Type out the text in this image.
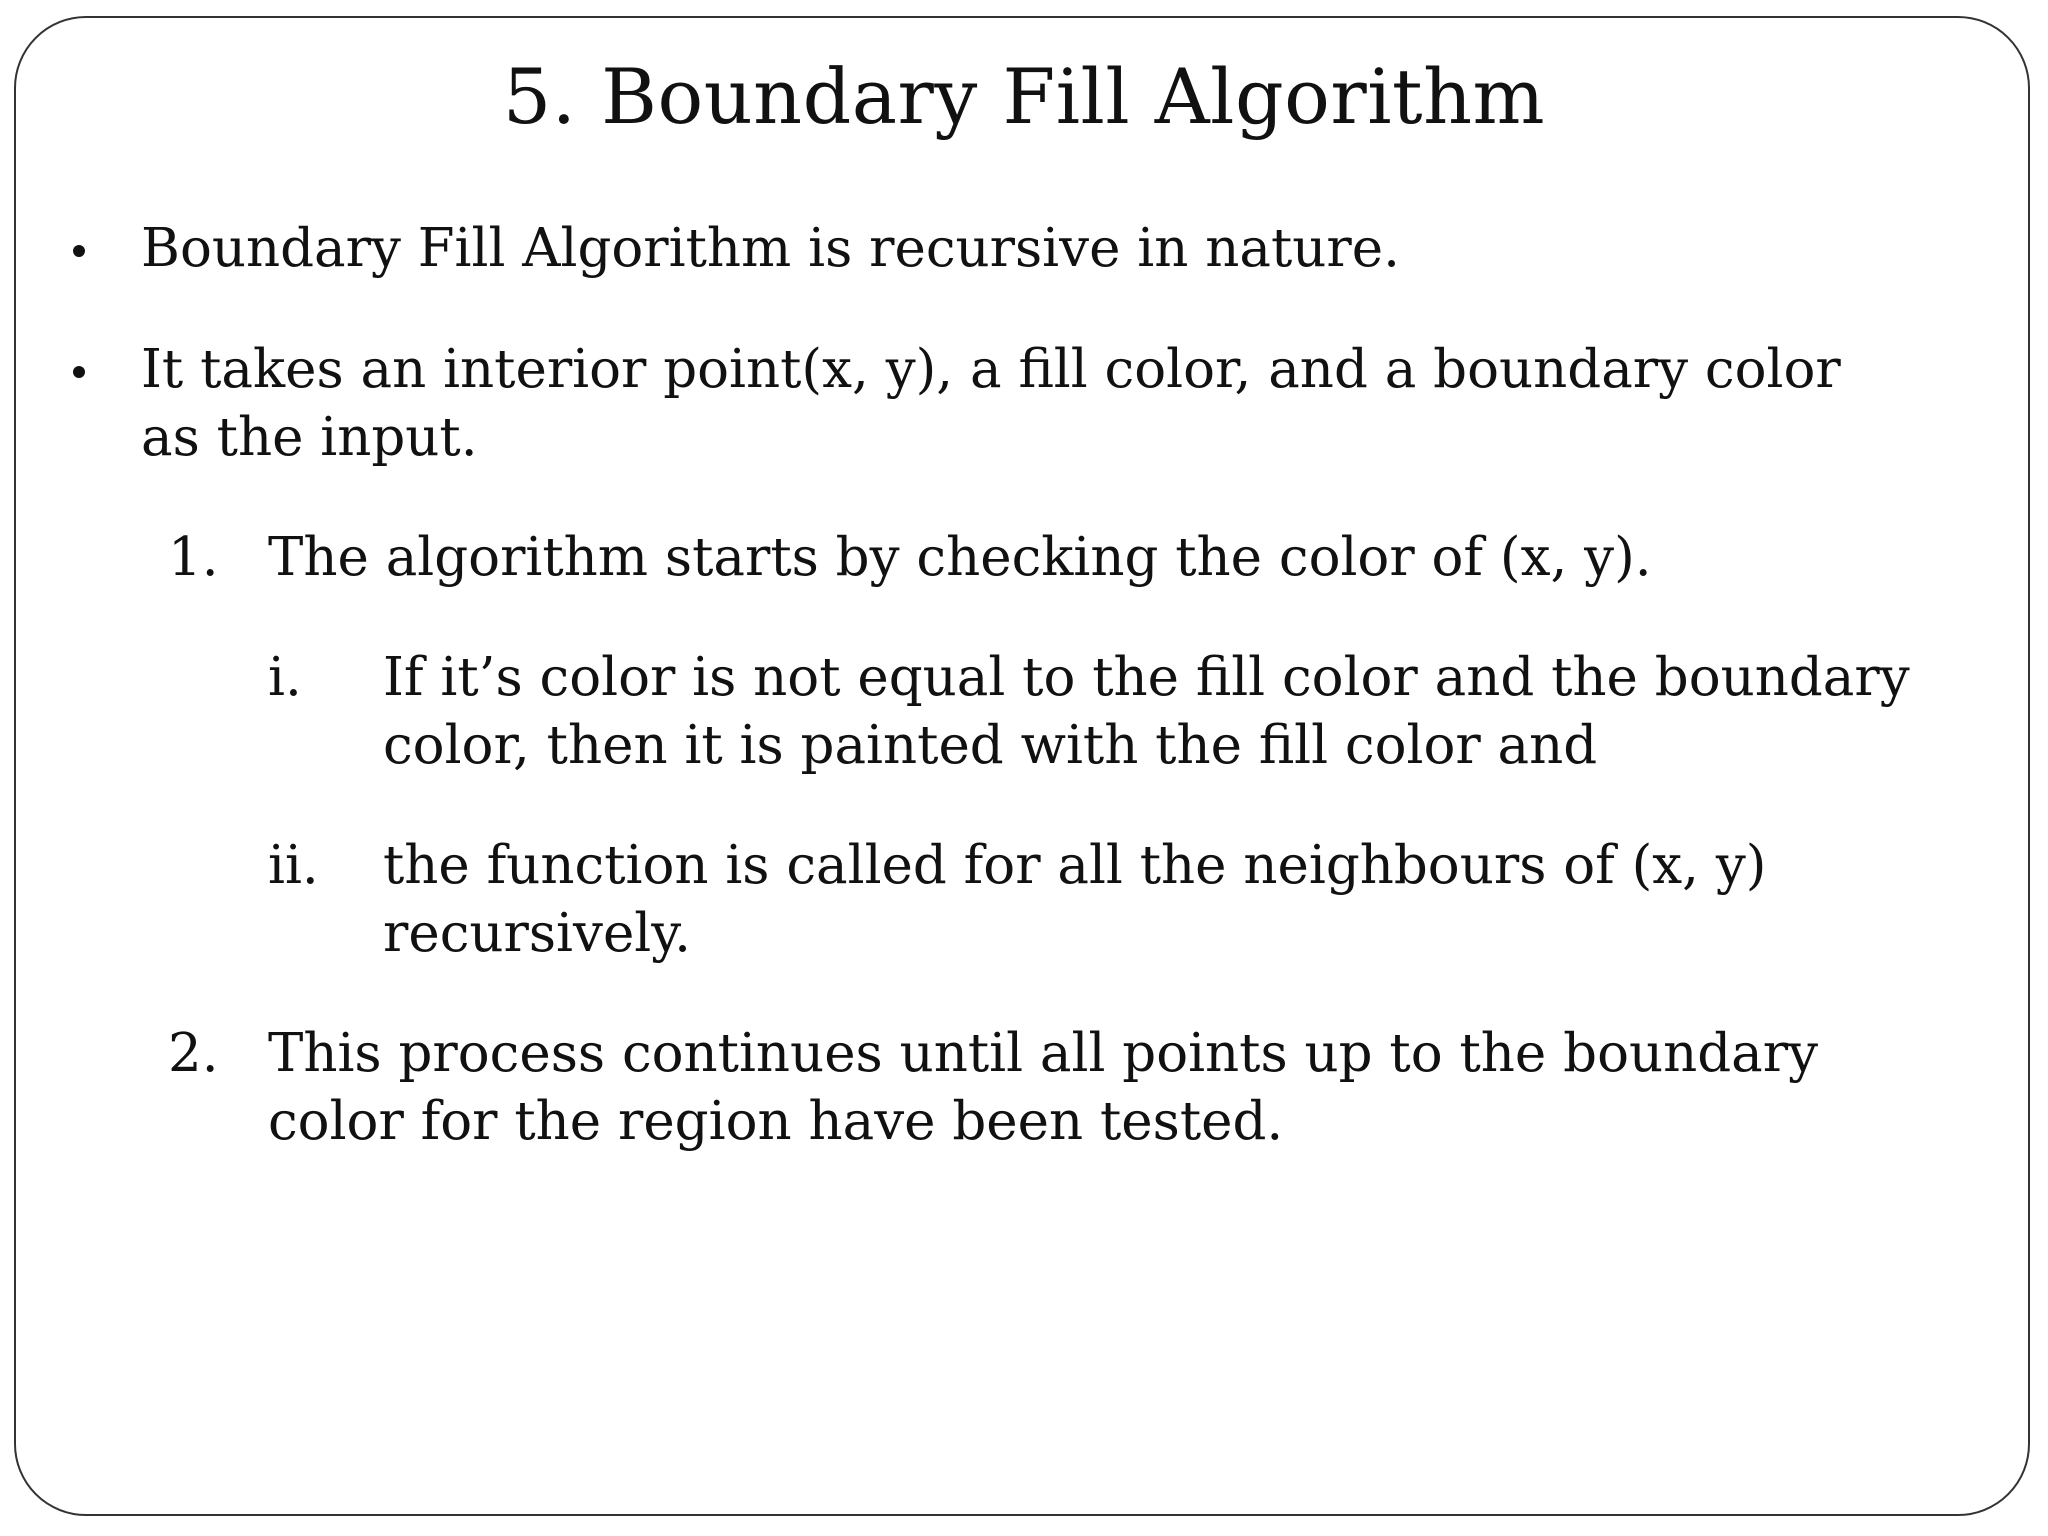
5. Boundary Fill Algorithm
Boundary Fill Algorithm is recursive in nature.
It takes an interior point(x, y), a fill color, and a boundary color
as the input.
1. The algorithm starts by checking the color of (x, y).
i. If it’s color is not equal to the fill color and the boundary
color, then it is painted with the fill color and
ii. the function is called for all the neighbours of (x, y)
recursively.
2. This process continues until all points up to the boundary
color for the region have been tested.
